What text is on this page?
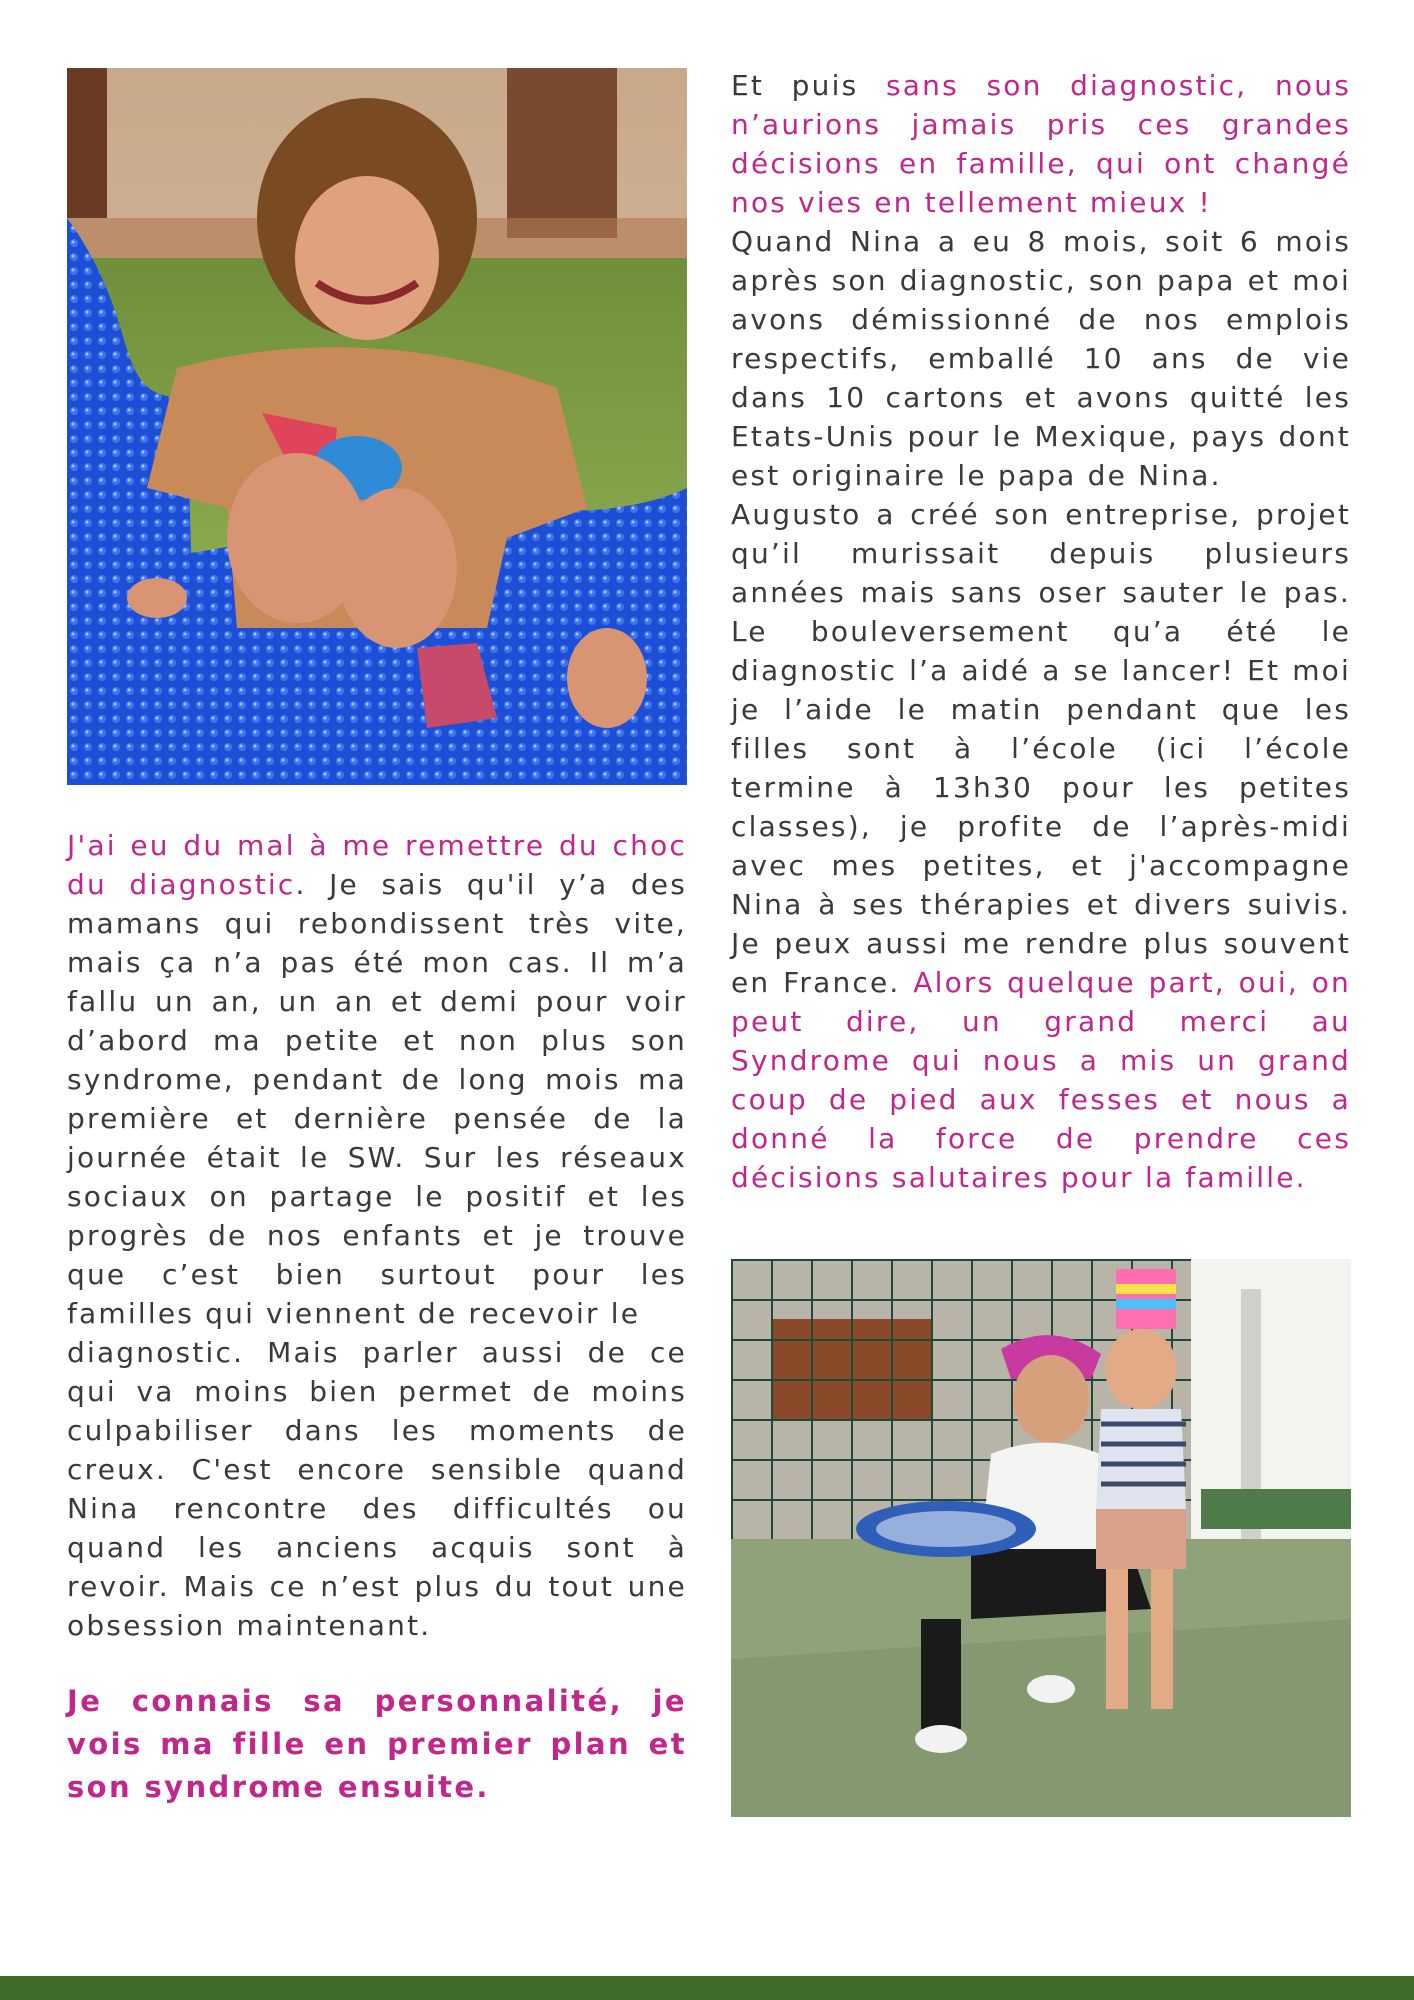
Et puis sans son diagnostic, nous n’aurions jamais pris ces grandes décisions en famille, qui ont changé nos vies en tellement mieux !

Quand Nina a eu 8 mois, soit 6 mois après son diagnostic, son papa et moi avons démissionné de nos emplois respectifs, emballé 10 ans de vie dans 10 cartons et avons quitté les Etats-Unis pour le Mexique, pays dont est originaire le papa de Nina.

Augusto a créé son entreprise, projet qu’il murissait depuis plusieurs années mais sans oser sauter le pas. Le bouleversement qu’a été le diagnostic l’a aidé a se lancer! Et moi je l’aide le matin pendant que les filles sont à l’école (ici l’école termine à 13h30 pour les petites classes), je profite de l’après-midi avec mes petites, et j'accompagne Nina à ses thérapies et divers suivis. Je peux aussi me rendre plus souvent en France. Alors quelque part, oui, on peut dire, un grand merci au Syndrome qui nous a mis un grand coup de pied aux fesses et nous a donné la force de prendre ces décisions salutaires pour la famille.

J'ai eu du mal à me remettre du choc du diagnostic. Je sais qu'il y’a des mamans qui rebondissent très vite, mais ça n’a pas été mon cas. Il m’a fallu un an, un an et demi pour voir d’abord ma petite et non plus son syndrome, pendant de long mois ma première et dernière pensée de la journée était le SW. Sur les réseaux sociaux on partage le positif et les progrès de nos enfants et je trouve que c’est bien surtout pour les familles qui viennent de recevoir le

diagnostic. Mais parler aussi de ce qui va moins bien permet de moins culpabiliser dans les moments de creux. C'est encore sensible quand Nina rencontre des difficultés ou quand les anciens acquis sont à revoir. Mais ce n’est plus du tout une obsession maintenant.

Je connais sa personnalité, je vois ma fille en premier plan et son syndrome ensuite.
